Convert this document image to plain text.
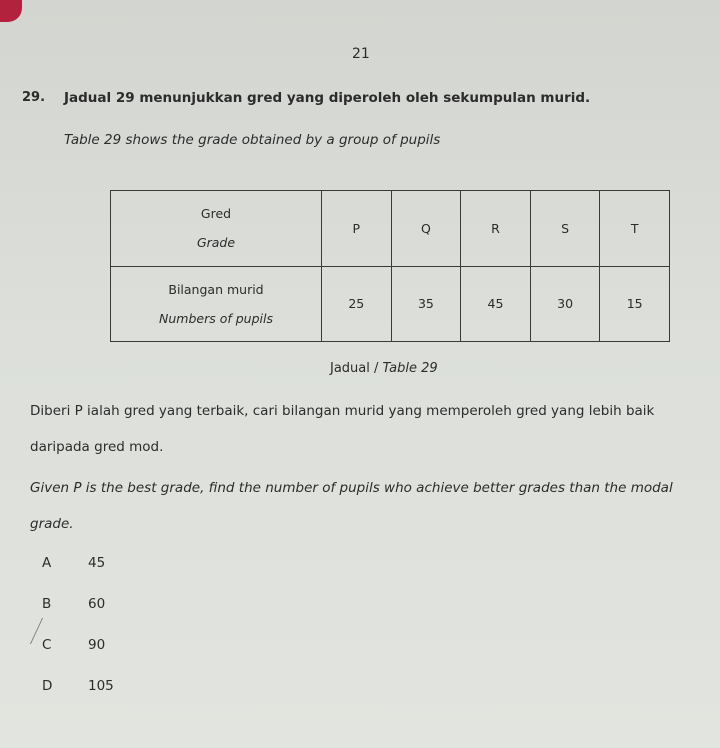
21
29. Jadual 29 menunjukkan gred yang diperoleh oleh sekumpulan murid.
Table 29 shows the grade obtained by a group of pupils
Gred
Grade	P	Q	R	S	T

Bilangan murid
Numbers of pupils	25	35	45	30	15
Jadual / Table 29
Diberi P ialah gred yang terbaik, cari bilangan murid yang memperoleh gred yang lebih baik daripada gred mod.
Given P is the best grade, find the number of pupils who achieve better grades than the modal grade.
A	45
B	60
C	90
D	105
